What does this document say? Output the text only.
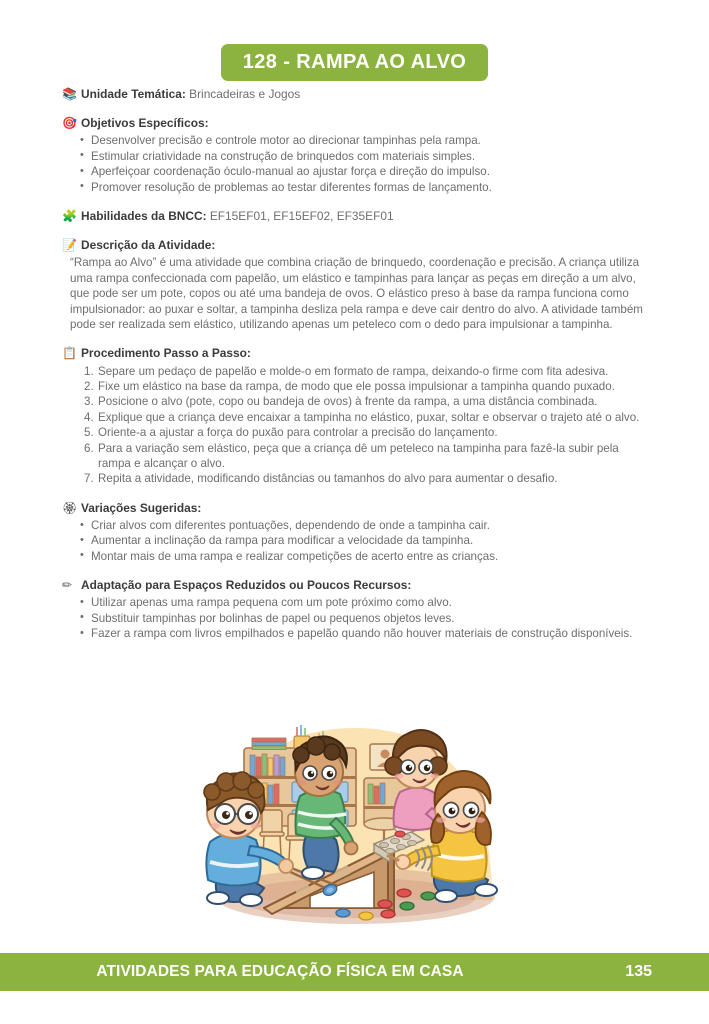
128 - RAMPA AO ALVO
📚 Unidade Temática: Brincadeiras e Jogos
🎯 Objetivos Específicos:
• Desenvolver precisão e controle motor ao direcionar tampinhas pela rampa.
• Estimular criatividade na construção de brinquedos com materiais simples.
• Aperfeiçoar coordenação óculo-manual ao ajustar força e direção do impulso.
• Promover resolução de problemas ao testar diferentes formas de lançamento.
🧩 Habilidades da BNCC: EF15EF01, EF15EF02, EF35EF01
📝 Descrição da Atividade:

“Rampa ao Alvo” é uma atividade que combina criação de brinquedo, coordenação e precisão. A criança utiliza uma rampa confeccionada com papelão, um elástico e tampinhas para lançar as peças em direção a um alvo, que pode ser um pote, copos ou até uma bandeja de ovos. O elástico preso à base da rampa funciona como impulsionador: ao puxar e soltar, a tampinha desliza pela rampa e deve cair dentro do alvo. A atividade também pode ser realizada sem elástico, utilizando apenas um peteleco com o dedo para impulsionar a tampinha.

📋 Procedimento Passo a Passo:
Separe um pedaço de papelão e molde-o em formato de rampa, deixando-o firme com fita adesiva.
Fixe um elástico na base da rampa, de modo que ele possa impulsionar a tampinha quando puxado.
Posicione o alvo (pote, copo ou bandeja de ovos) à frente da rampa, a uma distância combinada.
Explique que a criança deve encaixar a tampinha no elástico, puxar, soltar e observar o trajeto até o alvo.
Oriente-a a ajustar a força do puxão para controlar a precisão do lançamento.
Para a variação sem elástico, peça que a criança dê um peteleco na tampinha para fazê-la subir pela rampa e alcançar o alvo.
Repita a atividade, modificando distâncias ou tamanhos do alvo para aumentar o desafio.
🏵 Variações Sugeridas:
• Criar alvos com diferentes pontuações, dependendo de onde a tampinha cair.
• Aumentar a inclinação da rampa para modificar a velocidade da tampinha.
• Montar mais de uma rampa e realizar competições de acerto entre as crianças.
✏ Adaptação para Espaços Reduzidos ou Poucos Recursos:
• Utilizar apenas uma rampa pequena com um pote próximo como alvo.
• Substituir tampinhas por bolinhas de papel ou pequenos objetos leves.
• Fazer a rampa com livros empilhados e papelão quando não houver materiais de construção disponíveis.
ATIVIDADES PARA EDUCAÇÃO FÍSICA EM CASA	135
